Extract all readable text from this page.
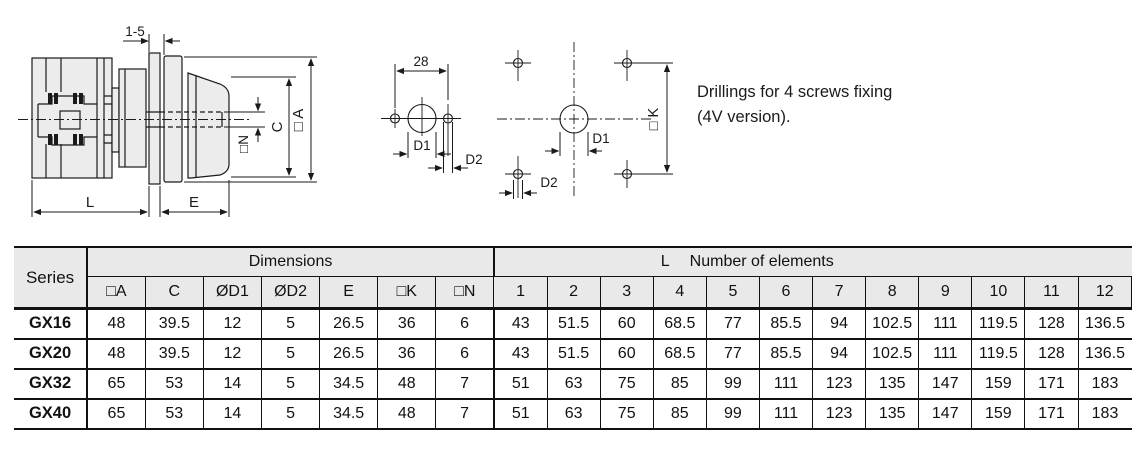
1-5
L	E
□ A
C
□N
28
D1
D2
D1
D2
□ K
Drillings for 4 screws fixing
(4V version).
Series	Dimensions							L Number of elements											

	□A	C	ØD1	ØD2	E	□K	□N	1	2	3	4	5	6	7	8	9	10	11	12
GX16	48	39.5	12	5	26.5	36	6	43	51.5	60	68.5	77	85.5	94	102.5	111	119.5	128	136.5
GX20	48	39.5	12	5	26.5	36	6	43	51.5	60	68.5	77	85.5	94	102.5	111	119.5	128	136.5
GX32	65	53	14	5	34.5	48	7	51	63	75	85	99	111	123	135	147	159	171	183
GX40	65	53	14	5	34.5	48	7	51	63	75	85	99	111	123	135	147	159	171	183
